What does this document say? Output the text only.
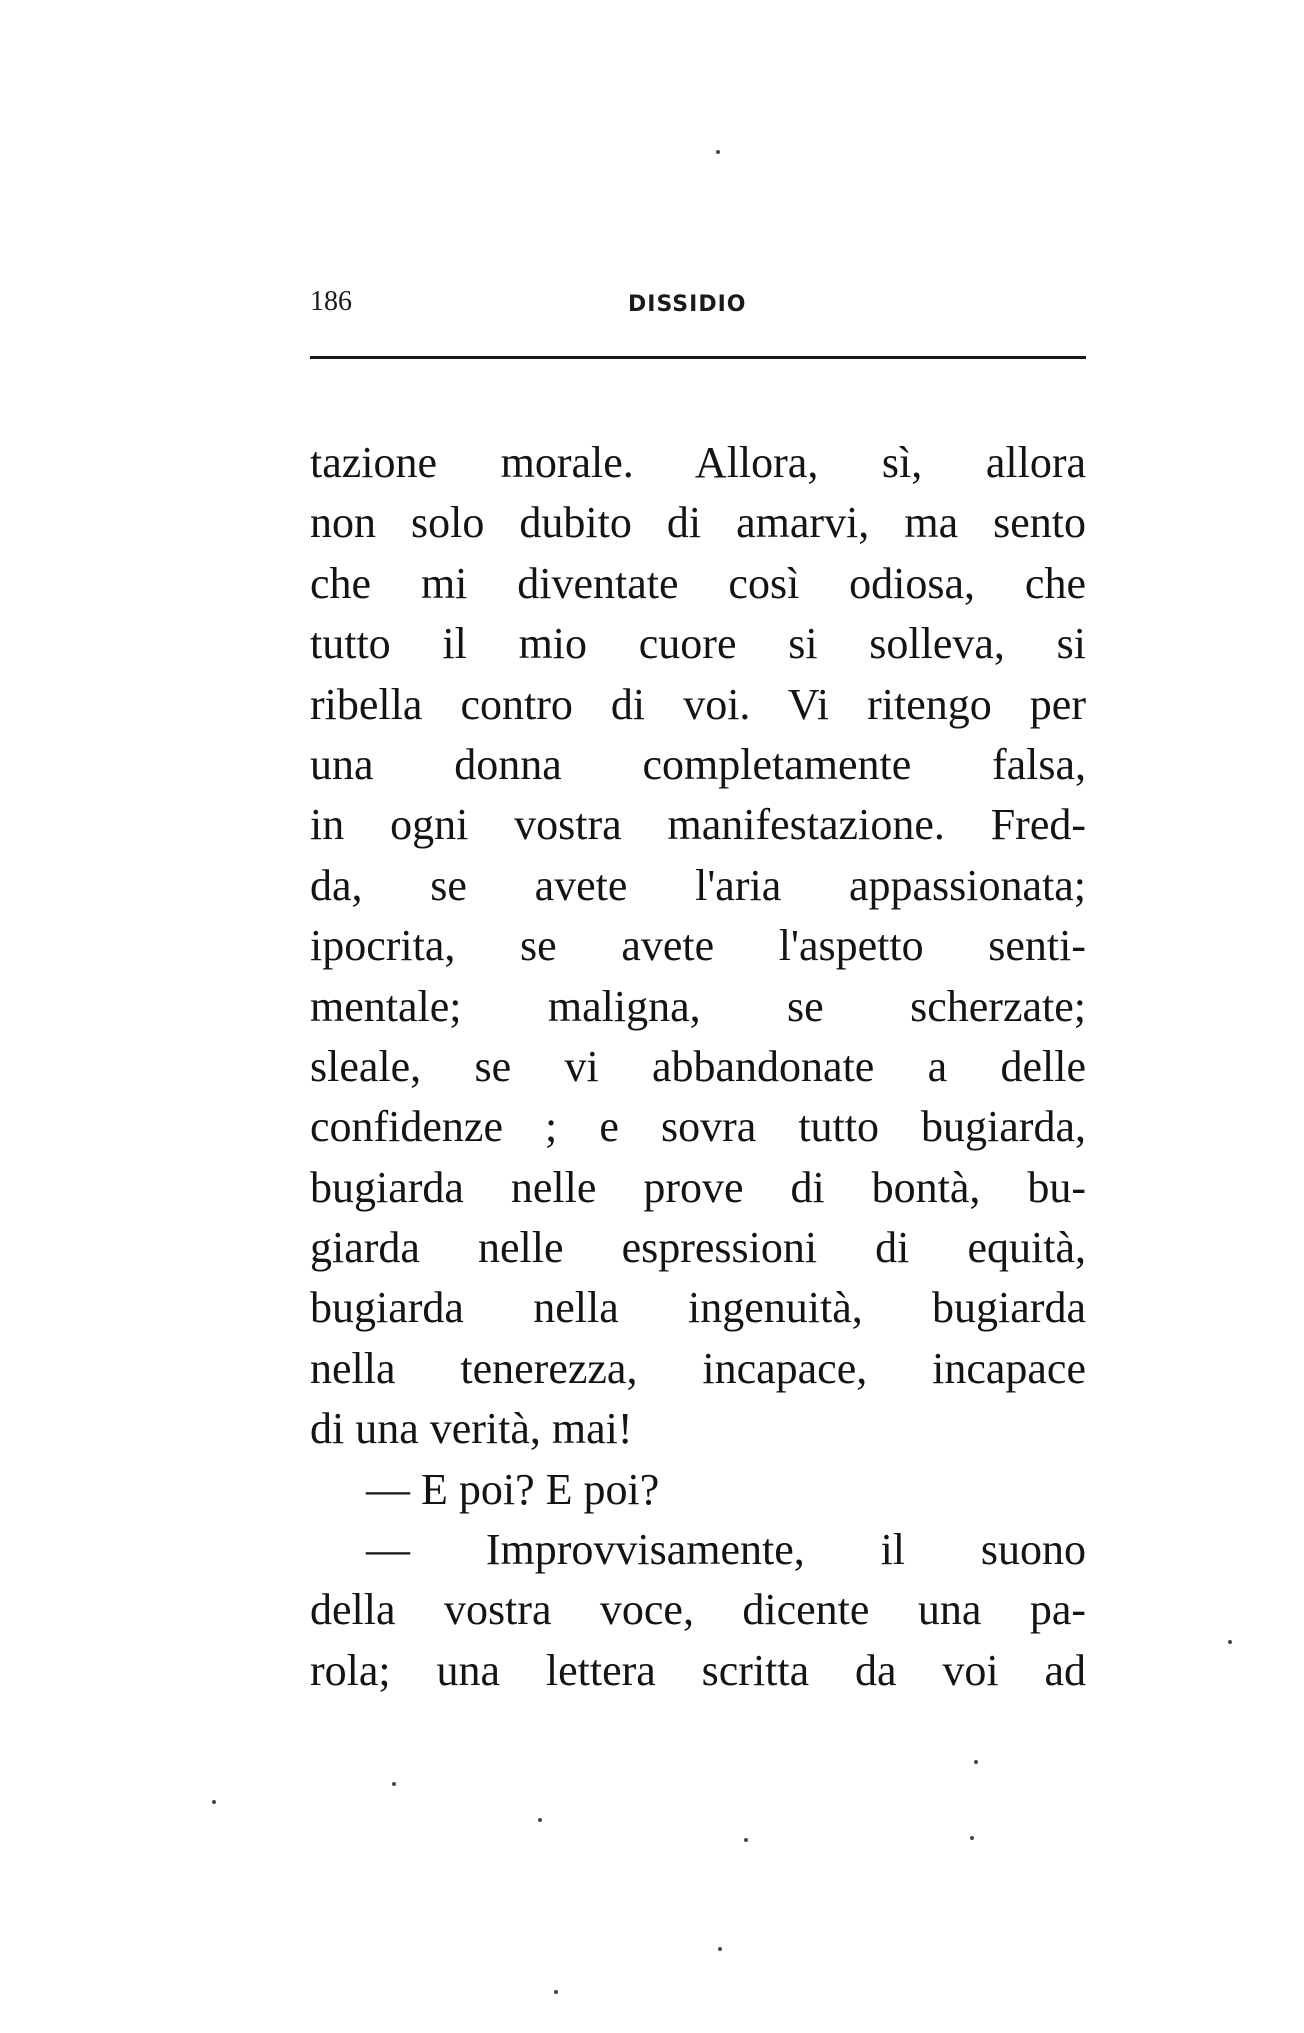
186	DISSIDIO
tazione morale. Allora, sì, allora
non solo dubito di amarvi, ma sento
che mi diventate così odiosa, che
tutto il mio cuore si solleva, si
ribella contro di voi. Vi ritengo per
una donna completamente falsa,
in ogni vostra manifestazione. Fred-
da, se avete l'aria appassionata;
ipocrita, se avete l'aspetto senti-
mentale; maligna, se scherzate;
sleale, se vi abbandonate a delle
confidenze ; e sovra tutto bugiarda,
bugiarda nelle prove di bontà, bu-
giarda nelle espressioni di equità,
bugiarda nella ingenuità, bugiarda
nella tenerezza, incapace, incapace
di una verità, mai!
— E poi? E poi?
— Improvvisamente, il suono
della vostra voce, dicente una pa-
rola; una lettera scritta da voi ad
